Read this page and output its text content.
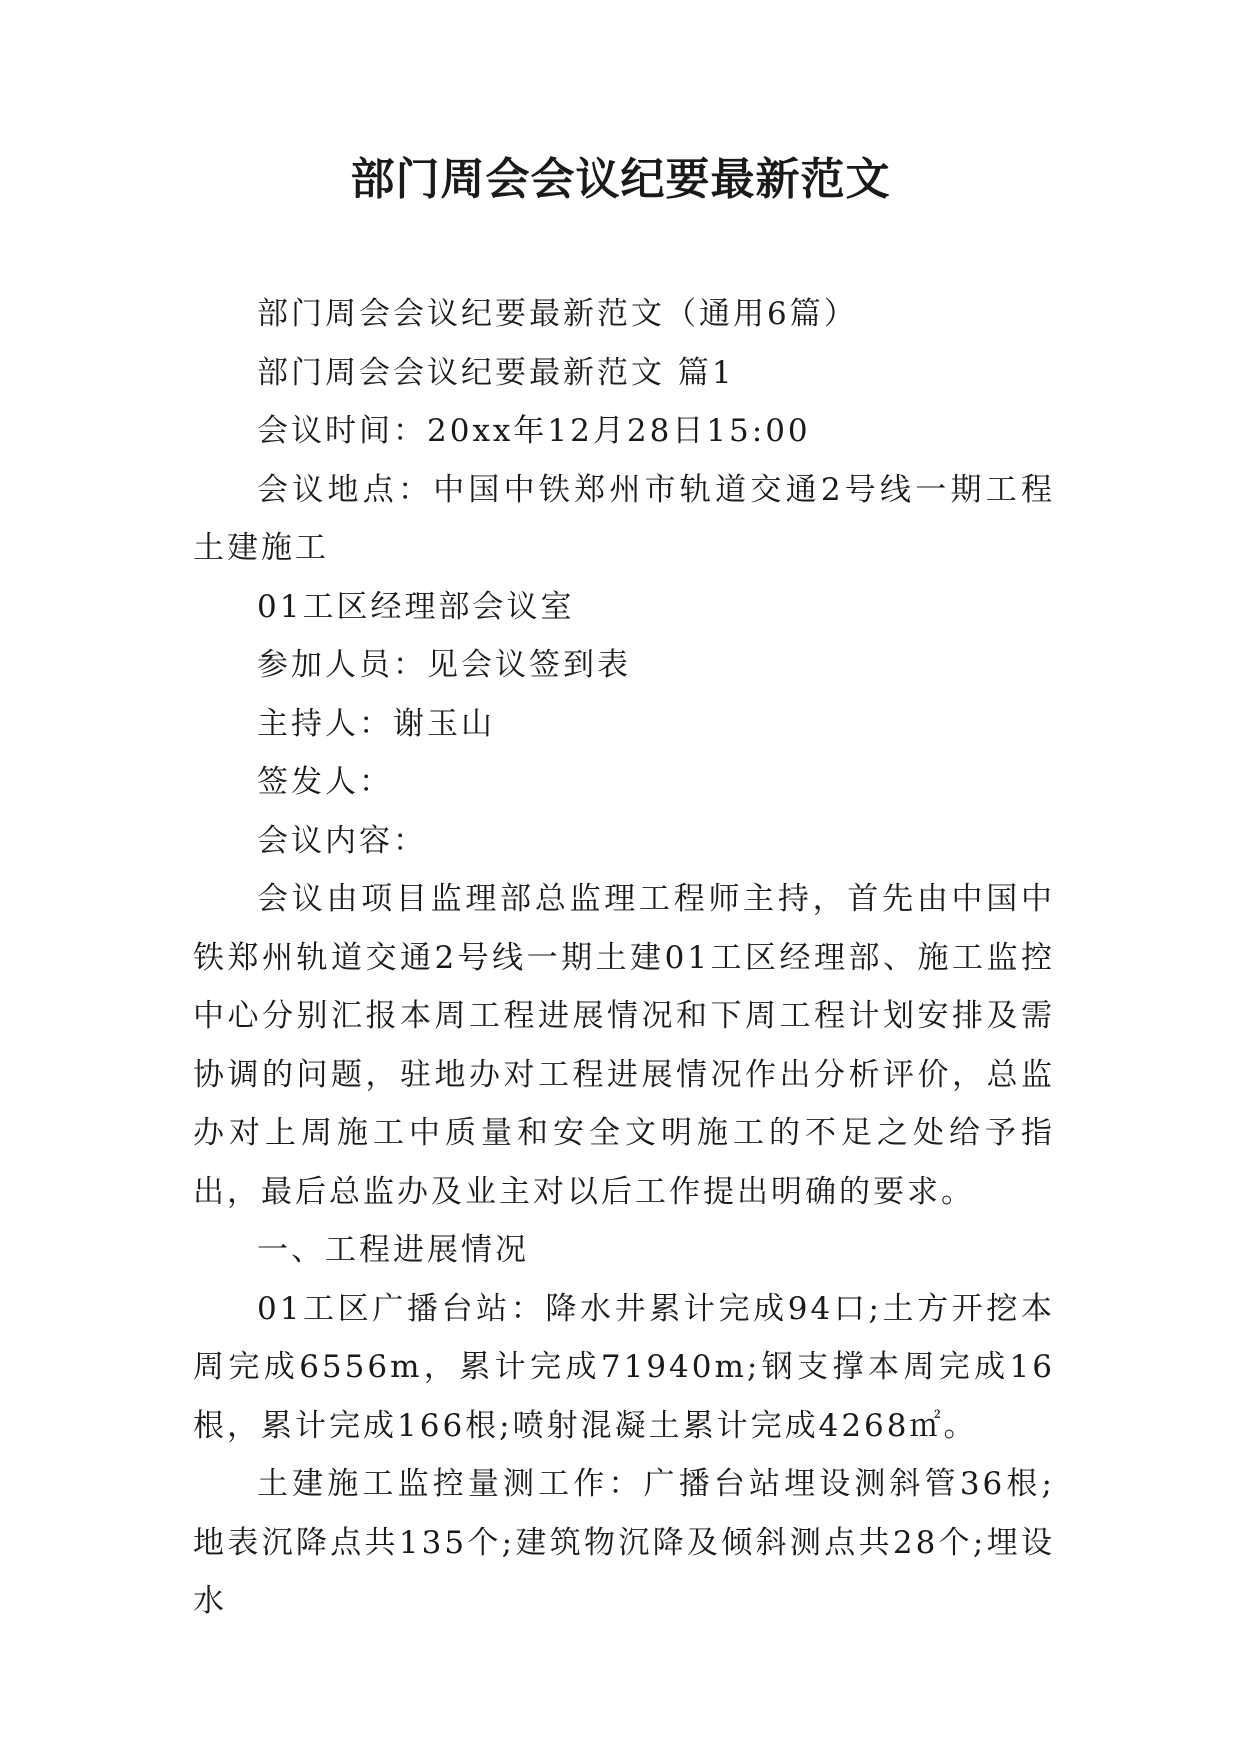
部门周会会议纪要最新范文

部门周会会议纪要最新范文（通用6篇）

部门周会会议纪要最新范文 篇1

会议时间：20xx年12月28日15:00

会议地点：中国中铁郑州市轨道交通2号线一期工程土建施工

01工区经理部会议室

参加人员：见会议签到表

主持人：谢玉山

签发人：

会议内容：

会议由项目监理部总监理工程师主持，首先由中国中铁郑州轨道交通2号线一期土建01工区经理部、施工监控中心分别汇报本周工程进展情况和下周工程计划安排及需协调的问题，驻地办对工程进展情况作出分析评价，总监办对上周施工中质量和安全文明施工的不足之处给予指出，最后总监办及业主对以后工作提出明确的要求。

一、工程进展情况

01工区广播台站：降水井累计完成94口;土方开挖本周完成6556m，累计完成71940m;钢支撑本周完成16根，累计完成166根;喷射混凝土累计完成4268㎡。

土建施工监控量测工作：广播台站埋设测斜管36根;地表沉降点共135个;建筑物沉降及倾斜测点共28个;埋设水
